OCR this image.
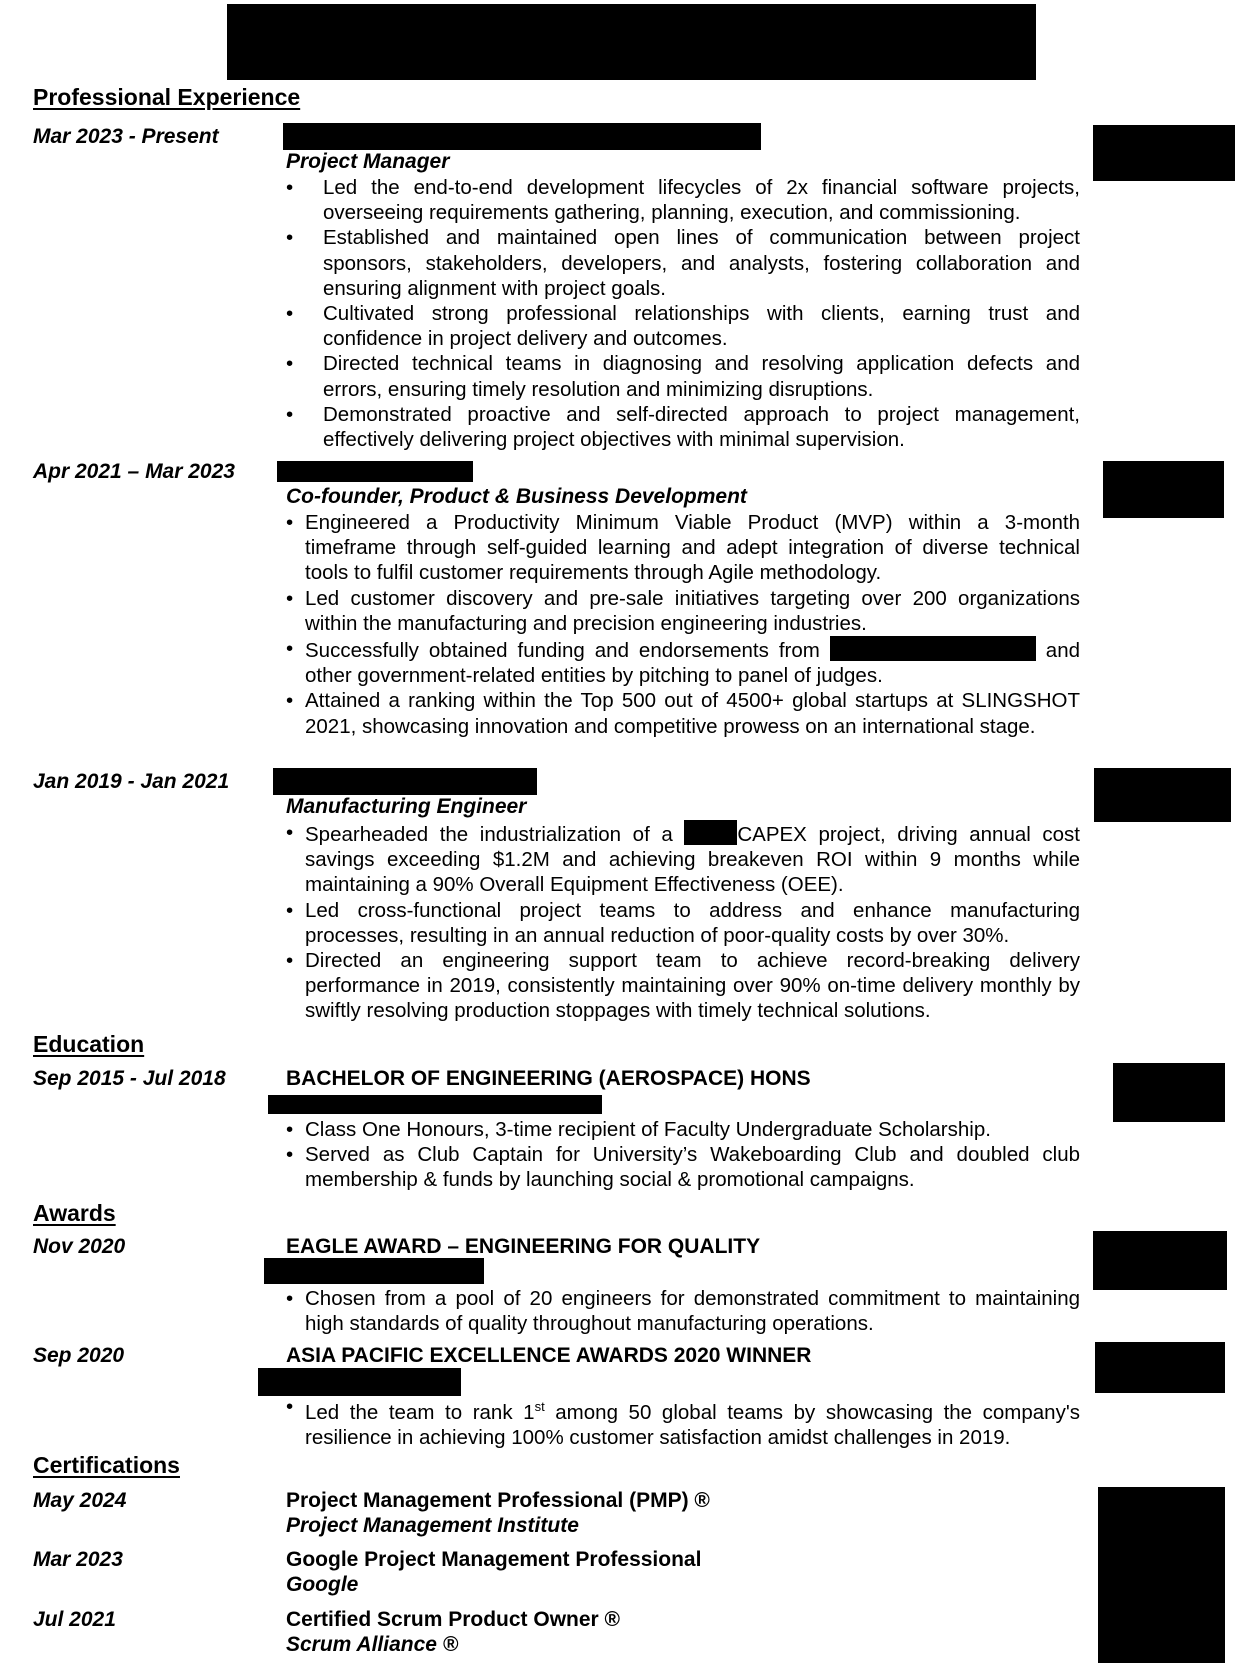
Professional Experience
Mar 2023 - Present
Project Manager
• Led the end-to-end development lifecycles of 2x financial software projects, overseeing requirements gathering, planning, execution, and commissioning.
• Established and maintained open lines of communication between project sponsors, stakeholders, developers, and analysts, fostering collaboration and ensuring alignment with project goals.
• Cultivated strong professional relationships with clients, earning trust and confidence in project delivery and outcomes.
• Directed technical teams in diagnosing and resolving application defects and errors, ensuring timely resolution and minimizing disruptions.
• Demonstrated proactive and self-directed approach to project management, effectively delivering project objectives with minimal supervision.
Apr 2021 – Mar 2023
Co-founder, Product & Business Development
• Engineered a Productivity Minimum Viable Product (MVP) within a 3-month timeframe through self-guided learning and adept integration of diverse technical tools to fulfil customer requirements through Agile methodology.
• Led customer discovery and pre-sale initiatives targeting over 200 organizations within the manufacturing and precision engineering industries.
• Successfully obtained funding and endorsements from	and other government-related entities by pitching to panel of judges.
• Attained a ranking within the Top 500 out of 4500+ global startups at SLINGSHOT 2021, showcasing innovation and competitive prowess on an international stage.
Jan 2019 - Jan 2021
Manufacturing Engineer
• Spearheaded the industrialization of a	CAPEX project, driving annual cost savings exceeding $1.2M and achieving breakeven ROI within 9 months while maintaining a 90% Overall Equipment Effectiveness (OEE).
• Led cross-functional project teams to address and enhance manufacturing processes, resulting in an annual reduction of poor-quality costs by over 30%.
• Directed an engineering support team to achieve record-breaking delivery performance in 2019, consistently maintaining over 90% on-time delivery monthly by swiftly resolving production stoppages with timely technical solutions.
Education
Sep 2015 - Jul 2018	BACHELOR OF ENGINEERING (AEROSPACE) HONS
• Class One Honours, 3-time recipient of Faculty Undergraduate Scholarship.
• Served as Club Captain for University’s Wakeboarding Club and doubled club membership & funds by launching social & promotional campaigns.
Awards
Nov 2020	EAGLE AWARD – ENGINEERING FOR QUALITY
• Chosen from a pool of 20 engineers for demonstrated commitment to maintaining high standards of quality throughout manufacturing operations.
Sep 2020	ASIA PACIFIC EXCELLENCE AWARDS 2020 WINNER
• Led the team to rank 1st among 50 global teams by showcasing the company's resilience in achieving 100% customer satisfaction amidst challenges in 2019.
Certifications
May 2024	Project Management Professional (PMP) ®
Project Management Institute
Mar 2023	Google Project Management Professional
Google
Jul 2021	Certified Scrum Product Owner ®
Scrum Alliance ®
